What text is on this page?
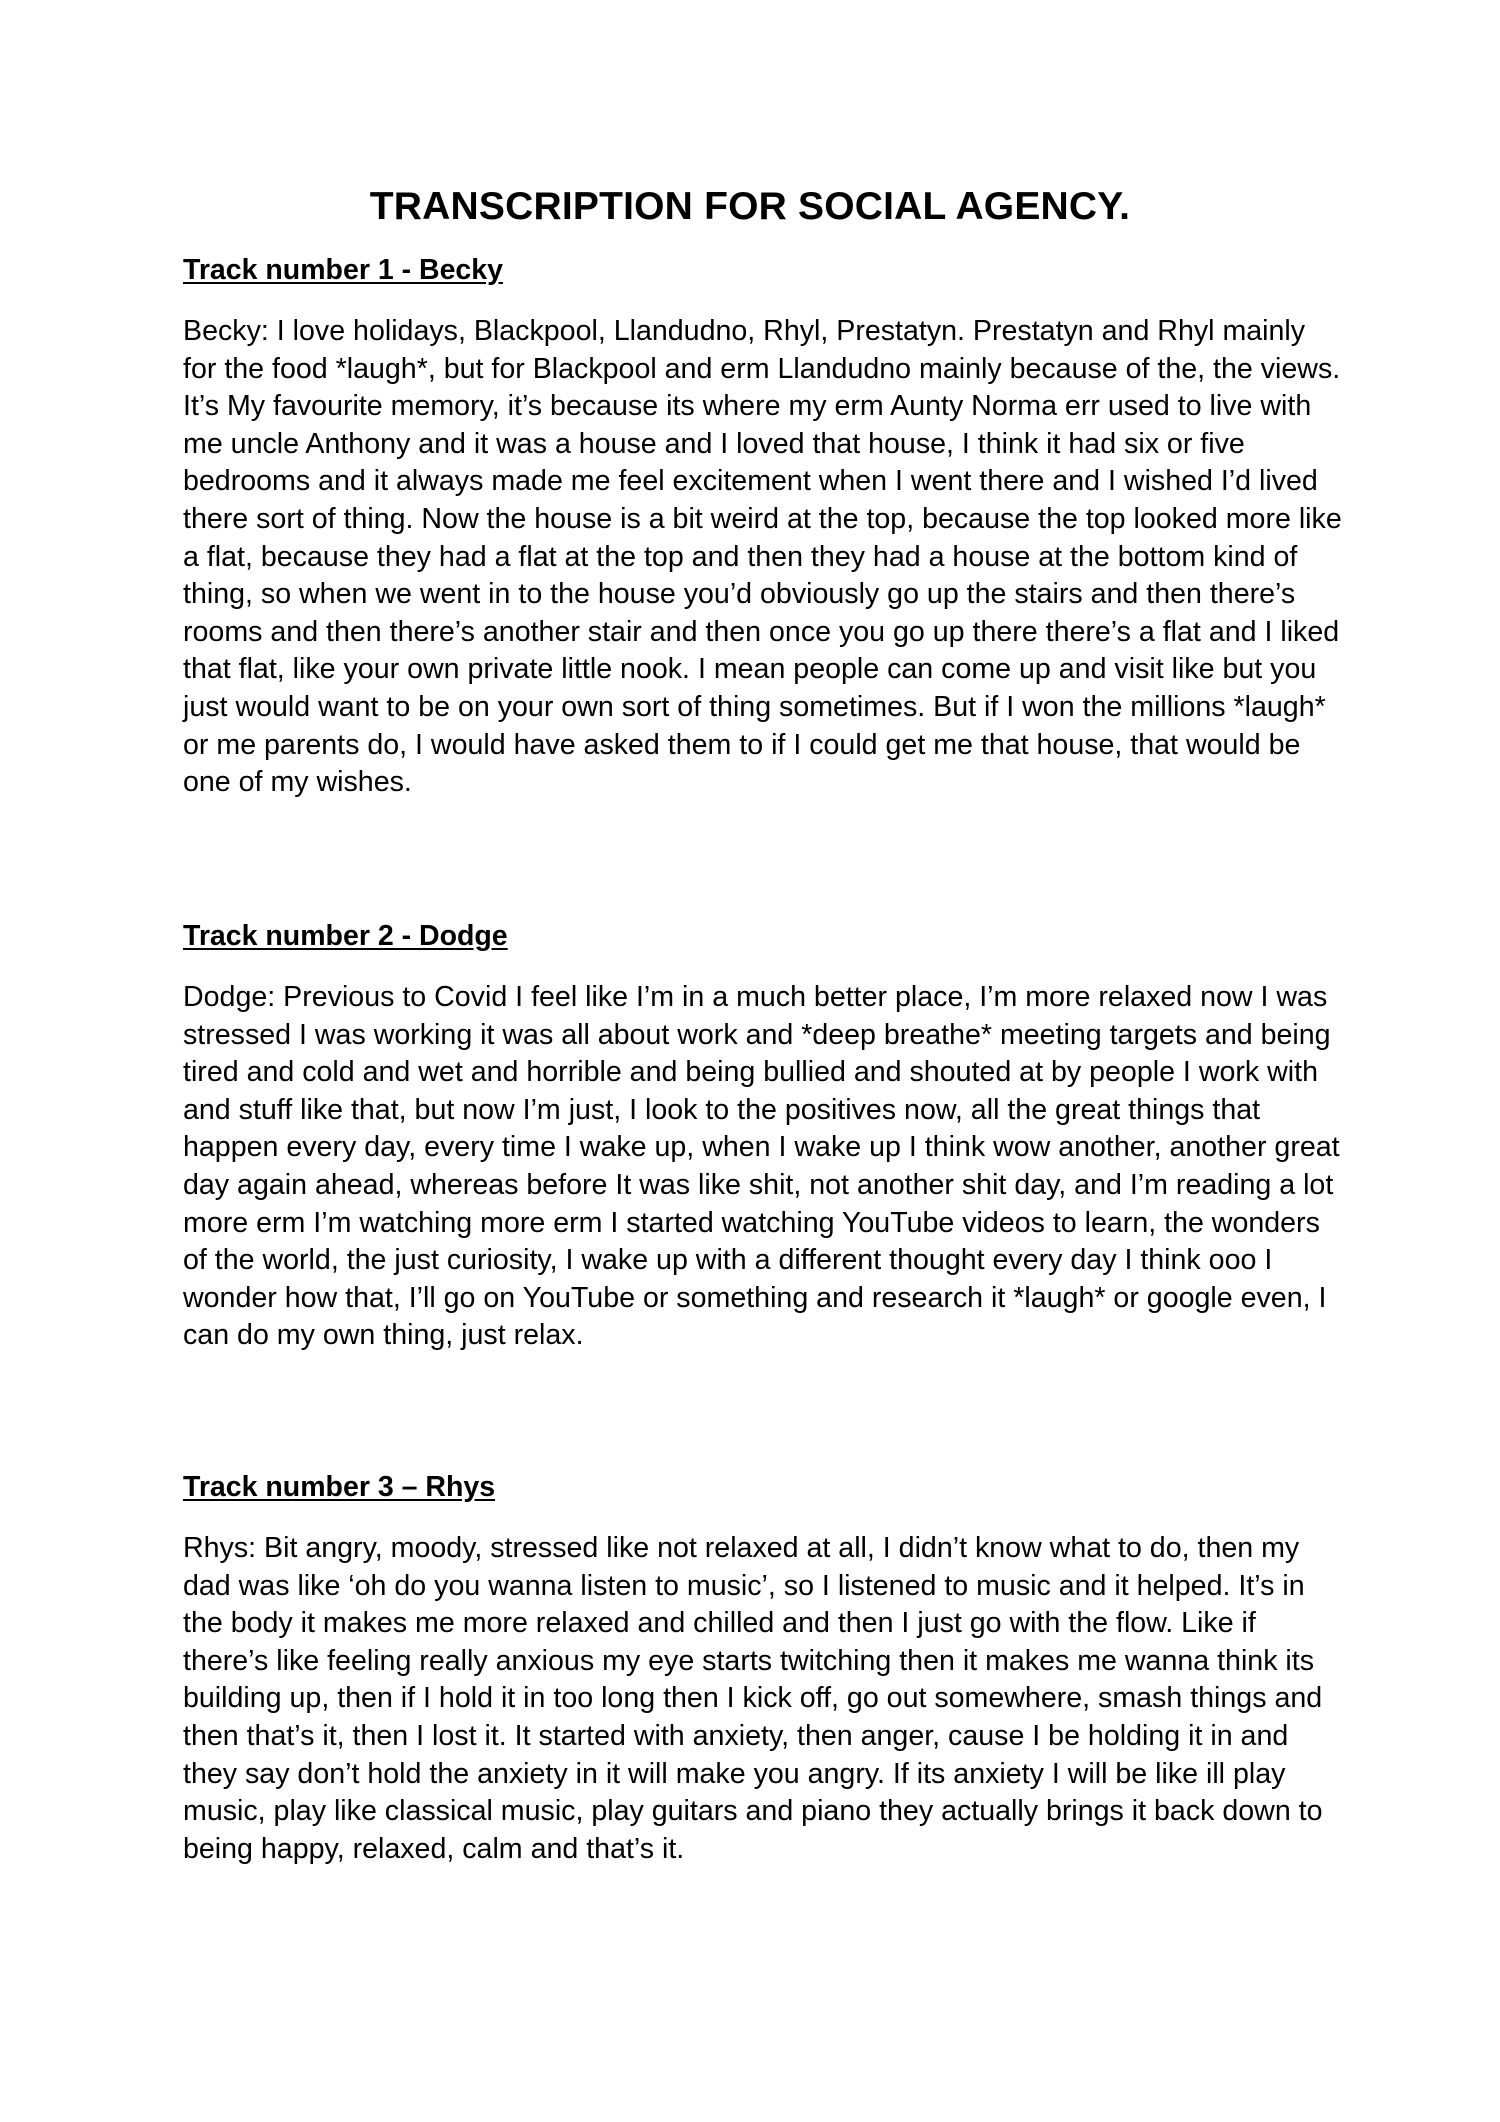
TRANSCRIPTION FOR SOCIAL AGENCY.
Track number 1 - Becky

Becky: I love holidays, Blackpool, Llandudno, Rhyl, Prestatyn. Prestatyn and Rhyl mainly for the food *laugh*, but for Blackpool and erm Llandudno mainly because of the, the views. It’s My favourite memory, it’s because its where my erm Aunty Norma err used to live with me uncle Anthony and it was a house and I loved that house, I think it had six or five bedrooms and it always made me feel excitement when I went there and I wished I’d lived there sort of thing. Now the house is a bit weird at the top, because the top looked more like a flat, because they had a flat at the top and then they had a house at the bottom kind of thing, so when we went in to the house you’d obviously go up the stairs and then there’s rooms and then there’s another stair and then once you go up there there’s a flat and I liked that flat, like your own private little nook. I mean people can come up and visit like but you just would want to be on your own sort of thing sometimes. But if I won the millions *laugh* or me parents do, I would have asked them to if I could get me that house, that would be one of my wishes.

Track number 2 - Dodge

Dodge: Previous to Covid I feel like I’m in a much better place, I’m more relaxed now I was stressed I was working it was all about work and *deep breathe* meeting targets and being tired and cold and wet and horrible and being bullied and shouted at by people I work with and stuff like that, but now I’m just, I look to the positives now, all the great things that happen every day, every time I wake up, when I wake up I think wow another, another great day again ahead, whereas before It was like shit, not another shit day, and I’m reading a lot more erm I’m watching more erm I started watching YouTube videos to learn, the wonders of the world, the just curiosity, I wake up with a different thought every day I think ooo I wonder how that, I’ll go on YouTube or something and research it *laugh* or google even, I can do my own thing, just relax.

Track number 3 – Rhys

Rhys: Bit angry, moody, stressed like not relaxed at all, I didn’t know what to do, then my dad was like ‘oh do you wanna listen to music’, so I listened to music and it helped. It’s in the body it makes me more relaxed and chilled and then I just go with the flow. Like if there’s like feeling really anxious my eye starts twitching then it makes me wanna think its building up, then if I hold it in too long then I kick off, go out somewhere, smash things and then that’s it, then I lost it. It started with anxiety, then anger, cause I be holding it in and they say don’t hold the anxiety in it will make you angry. If its anxiety I will be like ill play music, play like classical music, play guitars and piano they actually brings it back down to being happy, relaxed, calm and that’s it.
